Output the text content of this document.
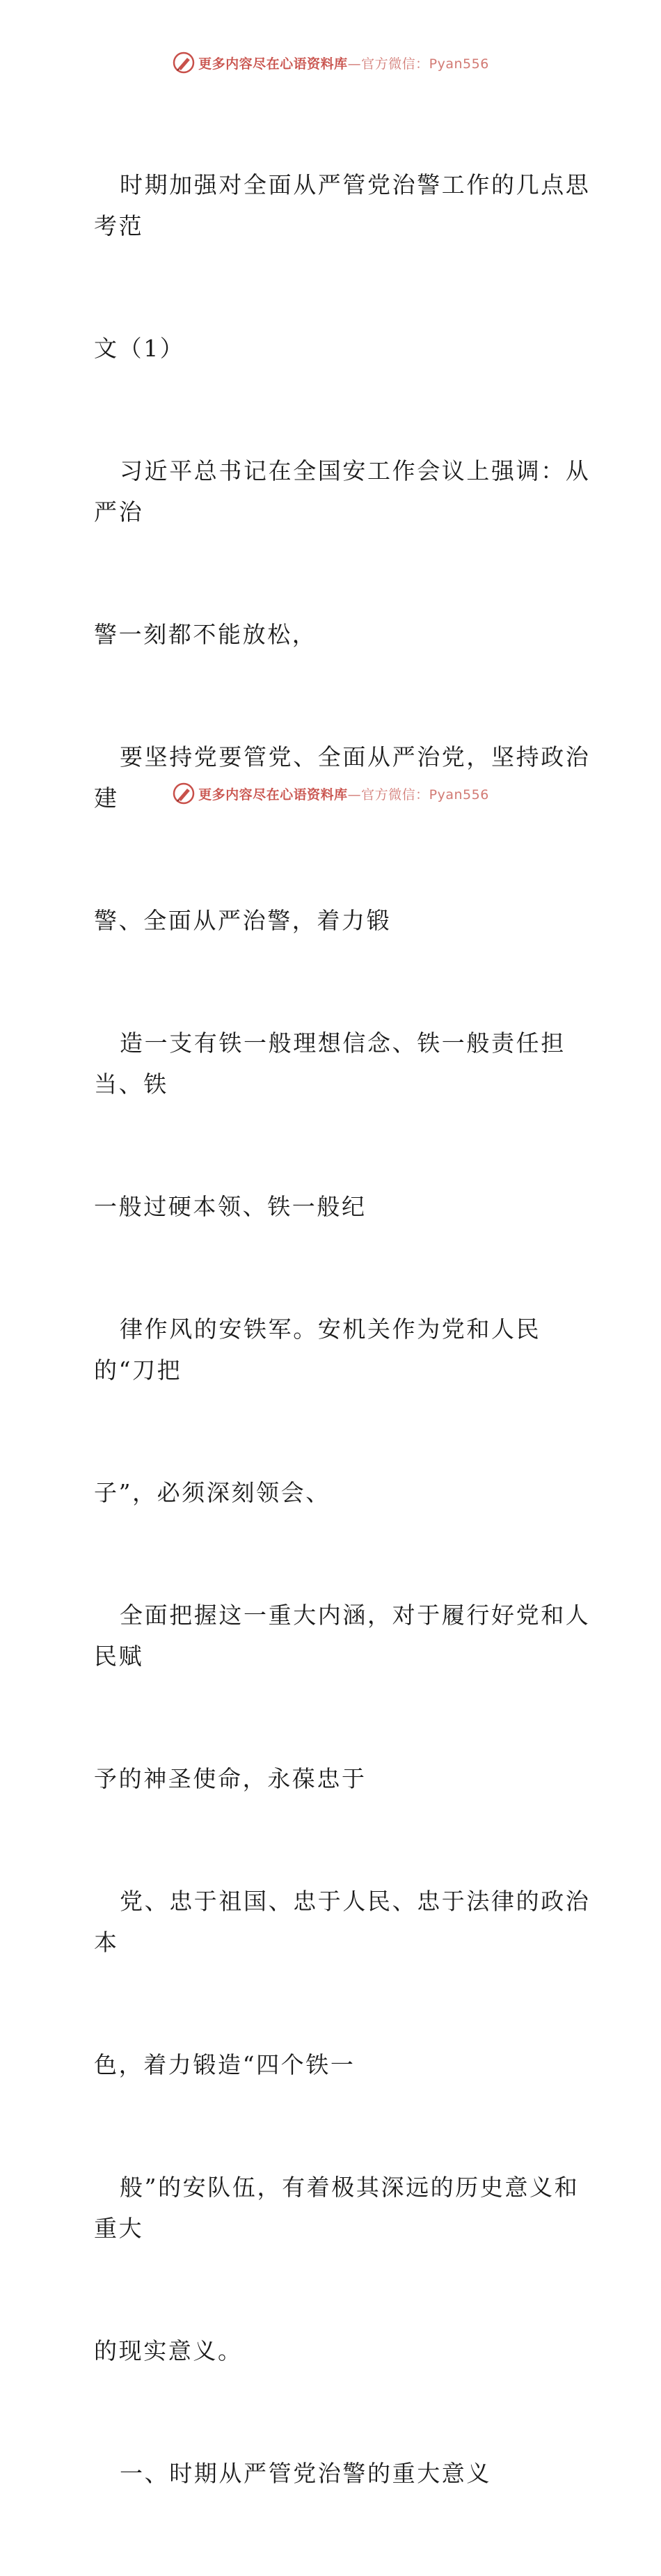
更多内容尽在心语资料库 —官方微信：Pyan556

时期加强对全面从严管党治警工作的几点思考范

文（1）

习近平总书记在全国安工作会议上强调：从严治

警一刻都不能放松，

要坚持党要管党、全面从严治党，坚持政治建

警、全面从严治警，着力锻

造一支有铁一般理想信念、铁一般责任担当、铁

一般过硬本领、铁一般纪

律作风的安铁军。安机关作为党和人民的“刀把

子”，必须深刻领会、

全面把握这一重大内涵，对于履行好党和人民赋

予的神圣使命，永葆忠于

党、忠于祖国、忠于人民、忠于法律的政治本

色，着力锻造“四个铁一

般”的安队伍，有着极其深远的历史意义和重大

的现实意义。

一、时期从严管党治警的重大意义

更多内容尽在心语资料库 —官方微信：Pyan556
